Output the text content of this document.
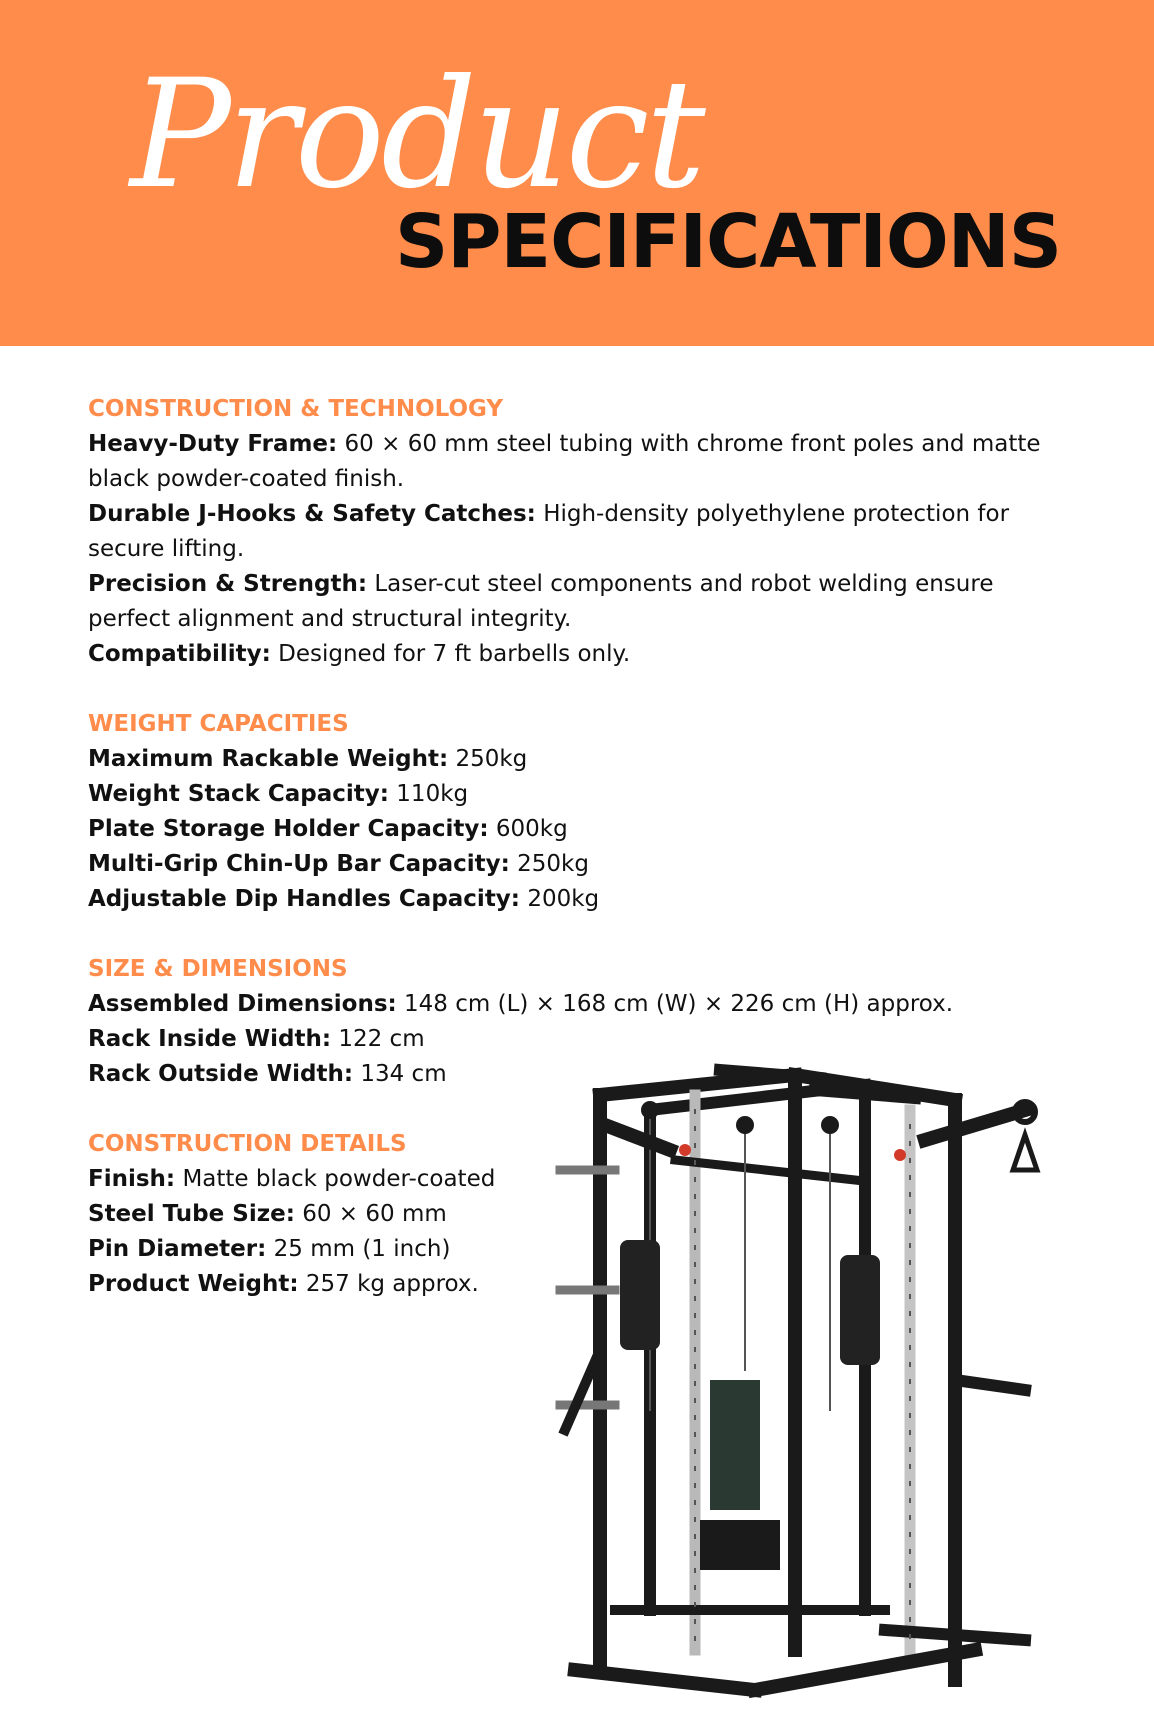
Product
SPECIFICATIONS

CONSTRUCTION & TECHNOLOGY

Heavy-Duty Frame: 60 × 60 mm steel tubing with chrome front poles and matte black powder-coated finish.

Durable J-Hooks & Safety Catches: High-density polyethylene protection for secure lifting.

Precision & Strength: Laser-cut steel components and robot welding ensure perfect alignment and structural integrity.

Compatibility: Designed for 7 ft barbells only.

WEIGHT CAPACITIES

Maximum Rackable Weight: 250kg

Weight Stack Capacity: 110kg

Plate Storage Holder Capacity: 600kg

Multi-Grip Chin-Up Bar Capacity: 250kg

Adjustable Dip Handles Capacity: 200kg

SIZE & DIMENSIONS

Assembled Dimensions: 148 cm (L) × 168 cm (W) × 226 cm (H) approx.

Rack Inside Width: 122 cm

Rack Outside Width: 134 cm

CONSTRUCTION DETAILS

Finish: Matte black powder-coated

Steel Tube Size: 60 × 60 mm

Pin Diameter: 25 mm (1 inch)

Product Weight: 257 kg approx.
